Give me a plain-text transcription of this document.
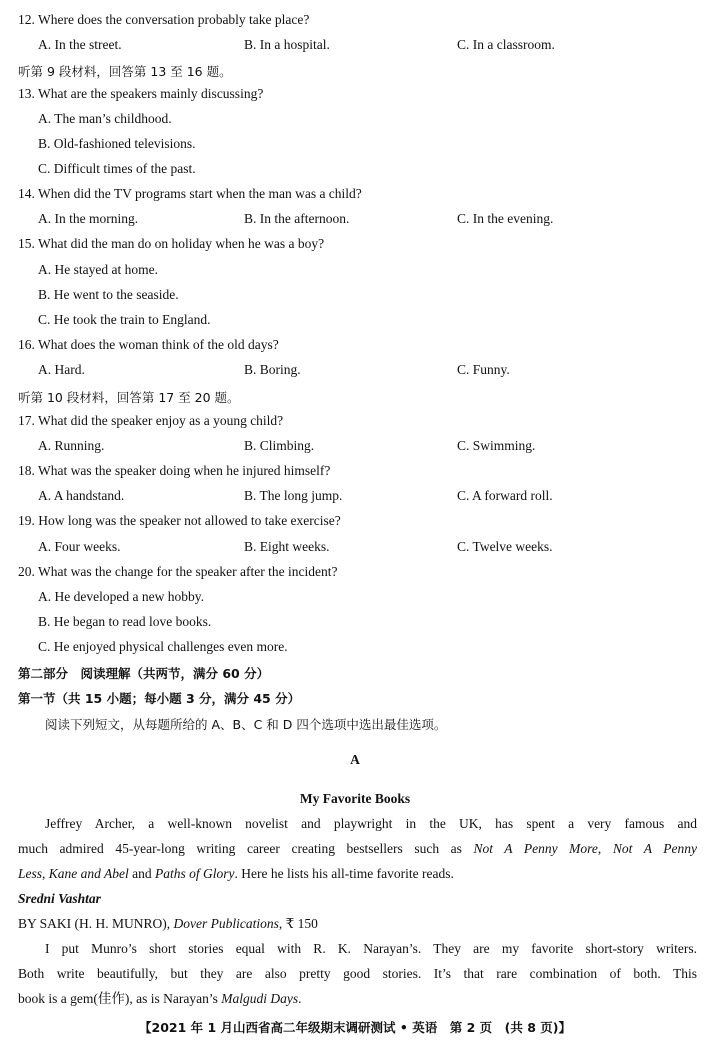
12. Where does the conversation probably take place?
A. In the street.	B. In a hospital.	C. In a classroom.
听第 9 段材料，回答第 13 至 16 题。
13. What are the speakers mainly discussing?
A. The man’s childhood.
B. Old-fashioned televisions.
C. Difficult times of the past.
14. When did the TV programs start when the man was a child?
A. In the morning.	B. In the afternoon.	C. In the evening.
15. What did the man do on holiday when he was a boy?
A. He stayed at home.
B. He went to the seaside.
C. He took the train to England.
16. What does the woman think of the old days?
A. Hard.	B. Boring.	C. Funny.
听第 10 段材料，回答第 17 至 20 题。
17. What did the speaker enjoy as a young child?
A. Running.	B. Climbing.	C. Swimming.
18. What was the speaker doing when he injured himself?
A. A handstand.	B. The long jump.	C. A forward roll.
19. How long was the speaker not allowed to take exercise?
A. Four weeks.	B. Eight weeks.	C. Twelve weeks.
20. What was the change for the speaker after the incident?
A. He developed a new hobby.
B. He began to read love books.
C. He enjoyed physical challenges even more.
第二部分　阅读理解（共两节，满分 60 分）
第一节（共 15 小题；每小题 3 分，满分 45 分）
阅读下列短文，从每题所给的 A、B、C 和 D 四个选项中选出最佳选项。
A
My Favorite Books
Jeffrey Archer, a well-known novelist and playwright in the UK, has spent a very famous and
much admired 45-year-long writing career creating bestsellers such as Not A Penny More, Not A Penny
Less, Kane and Abel and Paths of Glory. Here he lists his all-time favorite reads.
Sredni Vashtar
BY SAKI (H. H. MUNRO), Dover Publications, ₹ 150
I put Munro’s short stories equal with R. K. Narayan’s. They are my favorite short-story writers.
Both write beautifully, but they are also pretty good stories. It’s that rare combination of both. This
book is a gem(佳作), as is Narayan’s Malgudi Days.
【2021 年 1 月山西省高二年级期末调研测试 • 英语　第 2 页　(共 8 页)】
